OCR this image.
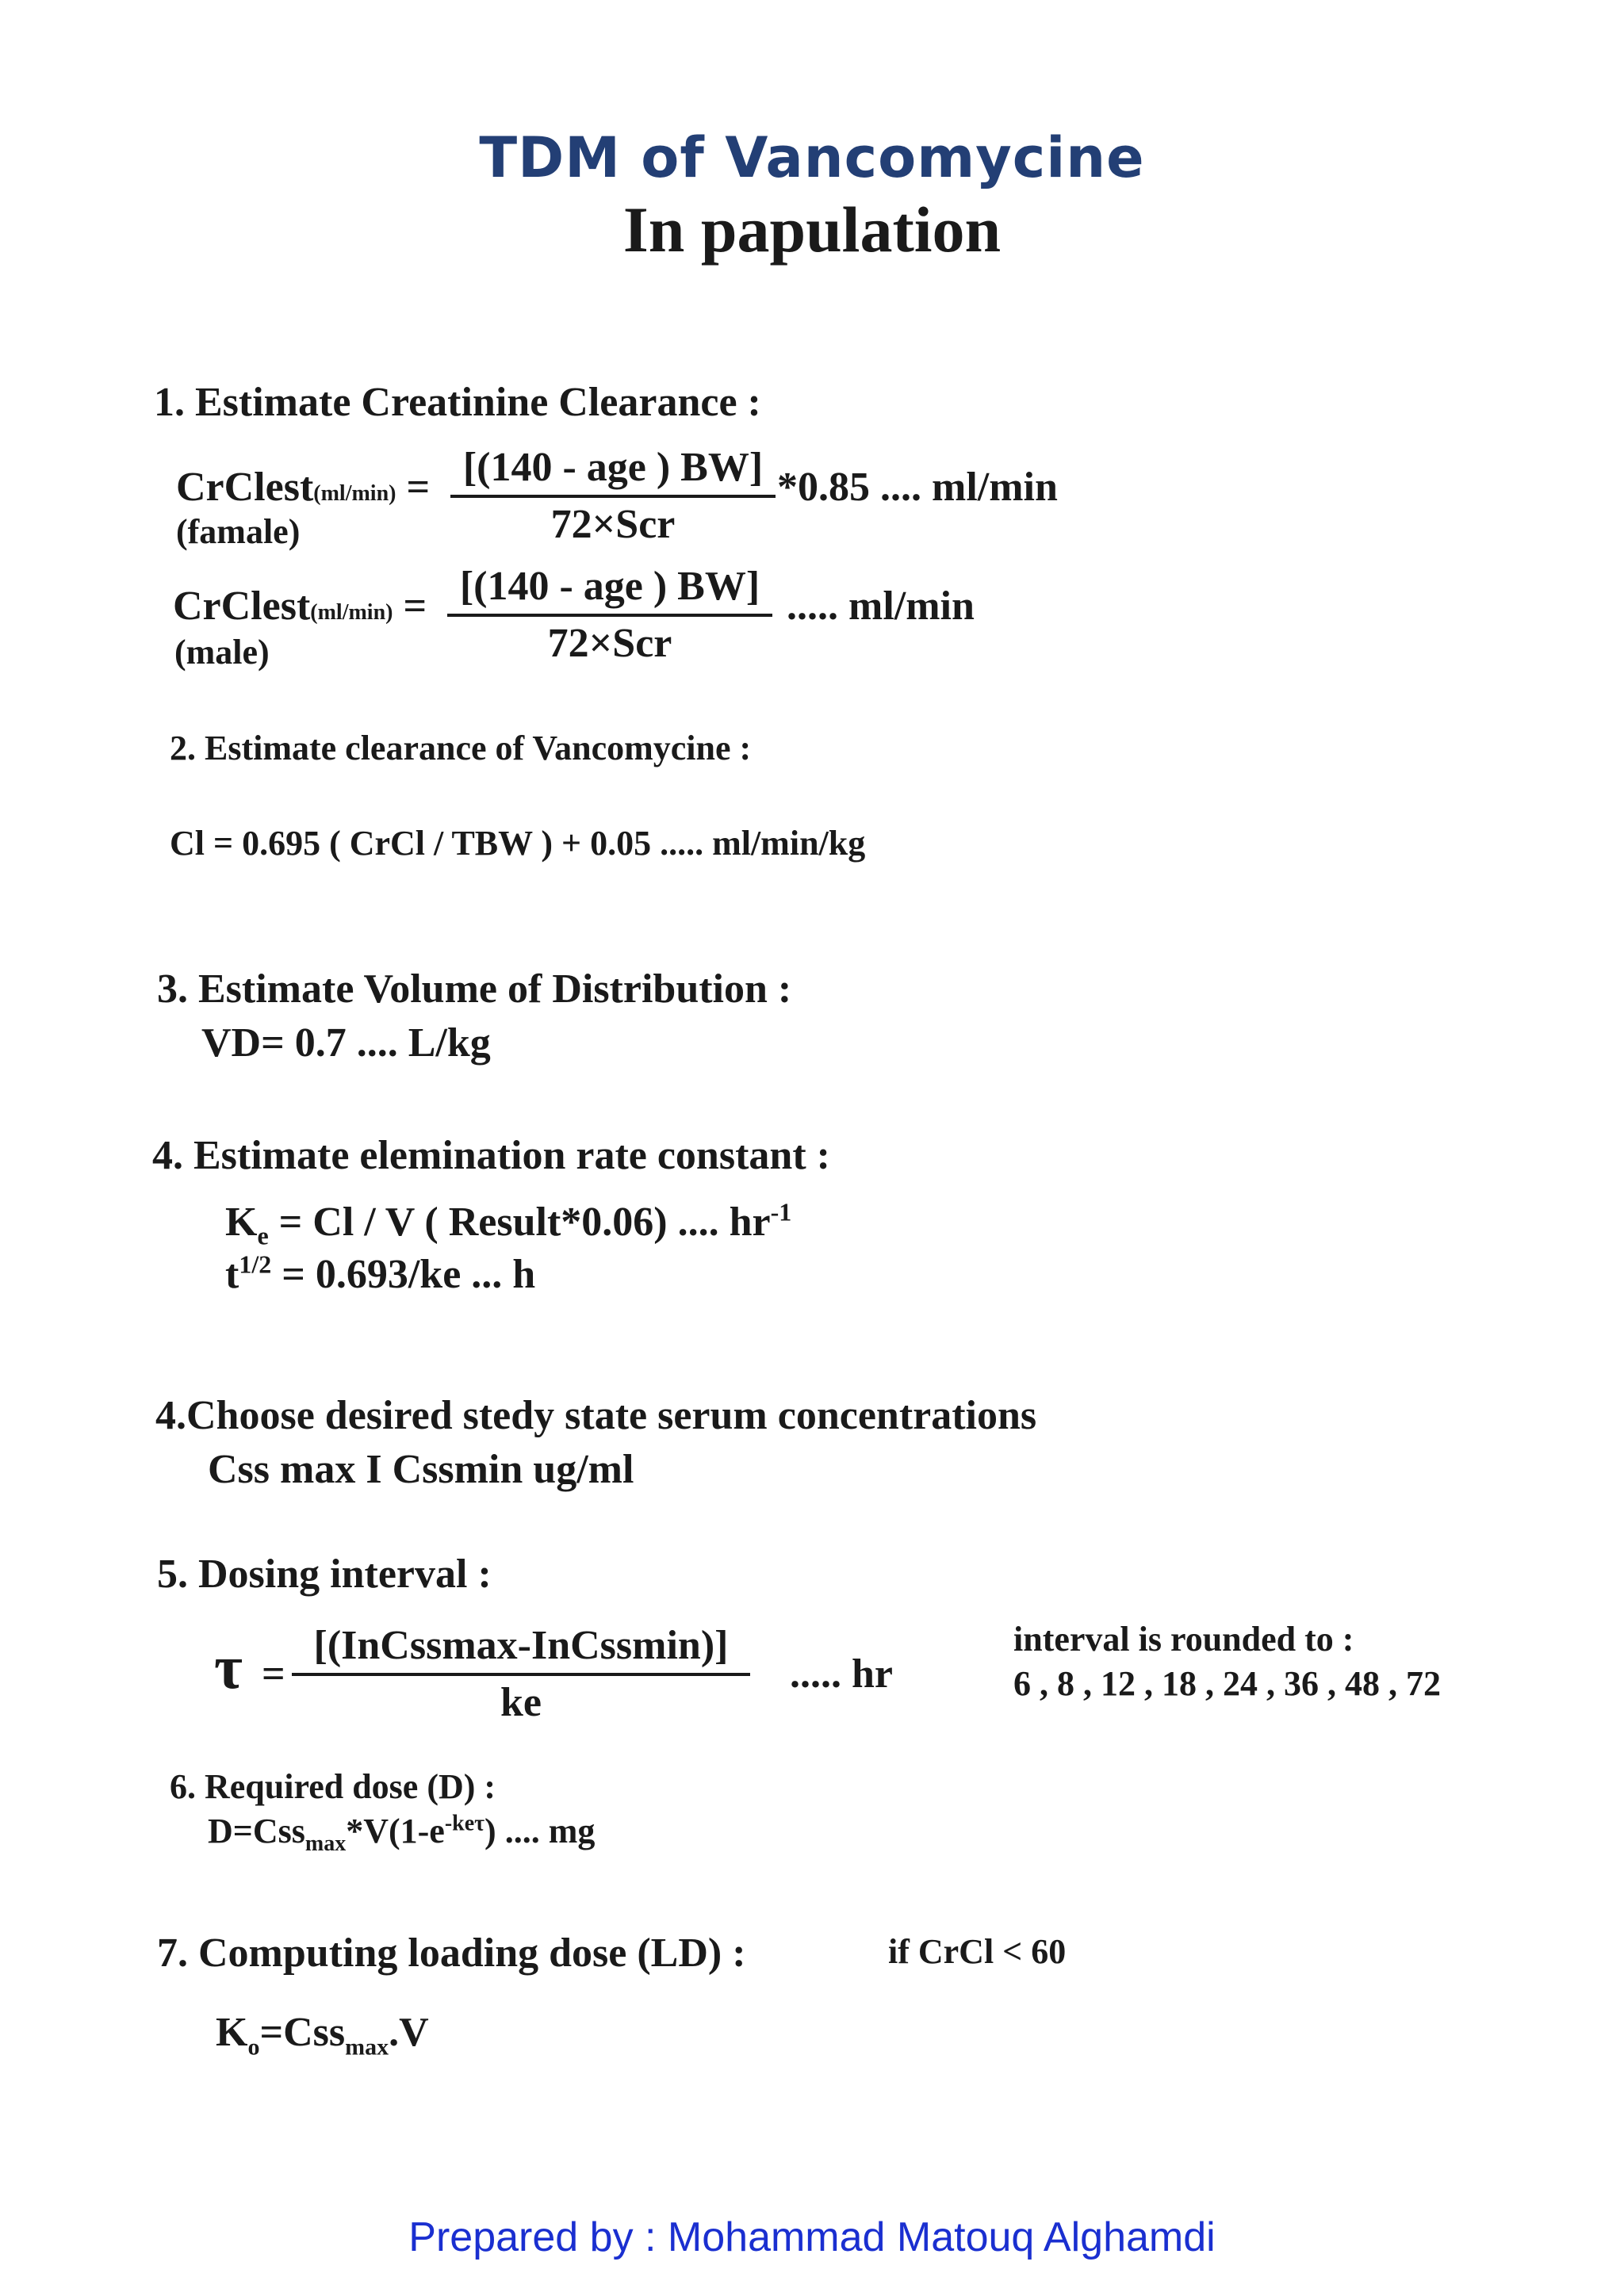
TDM of Vancomycine
In papulation
1. Estimate Creatinine Clearance :
CrClest(ml/min) = [(140 - age ) BW]
72×Scr
*0.85 .... ml/min
(famale)
CrClest(ml/min) = [(140 - age ) BW]
72×Scr
..... ml/min
(male)
2. Estimate clearance of Vancomycine :
Cl = 0.695 ( CrCl / TBW ) + 0.05 ..... ml/min/kg
3. Estimate Volume of Distribution :
VD= 0.7 .... L/kg
4. Estimate elemination rate constant :
$K_e = Cl / V$ ( Result*0.06) .... $hr^{-1}$
$t^{1/2} = 0.693/ke$ ... h
4.Choose desired stedy state serum concentrations
Css max I Cssmin ug/ml
5. Dosing interval :
τ =
[(InCssmax-InCssmin)]
ke
..... hr
interval is rounded to :
6 , 8 , 12 , 18 , 24 , 36 , 48 , 72
6. Required dose (D) :
$D=Css_{max}*V(1-e^{-ke\tau})$ .... mg
7. Computing loading dose (LD) :	if CrCl < 60
$K_o=Css_{max}.V$
Prepared by : Mohammad Matouq Alghamdi
